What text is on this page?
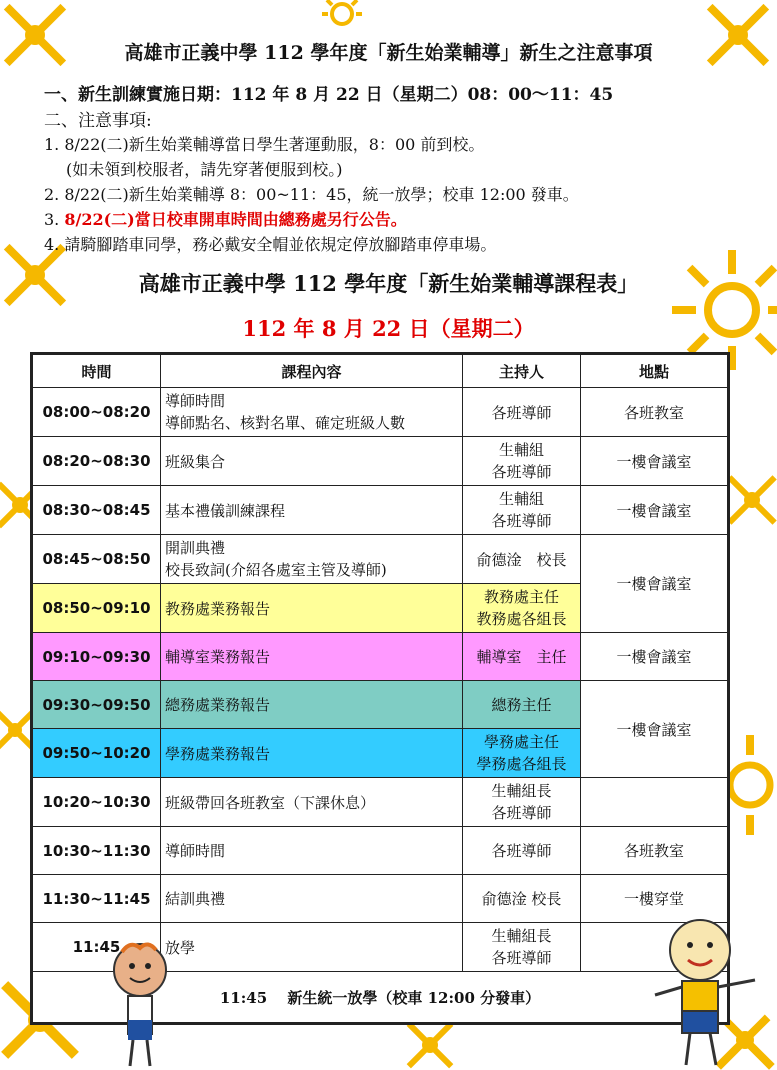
高雄市正義中學 112 學年度「新生始業輔導」新生之注意事項
一、新生訓練實施日期：112 年 8 月 22 日（星期二）08：00～11：45
二、注意事項:
1. 8/22(二)新生始業輔導當日學生著運動服，8：00 前到校。
(如未領到校服者，請先穿著便服到校。)
2. 8/22(二)新生始業輔導 8：00~11：45，統一放學；校車 12:00 發車。
3. 8/22(二)當日校車開車時間由總務處另行公告。
4. 請騎腳踏車同學，務必戴安全帽並依規定停放腳踏車停車場。
高雄市正義中學 112 學年度「新生始業輔導課程表」
112 年 8 月 22 日（星期二）
時間	課程內容	主持人	地點
08:00~08:20	導師時間
導師點名、核對名單、確定班級人數	各班導師	各班教室
08:20~08:30	班級集合	生輔組
各班導師	一樓會議室
08:30~08:45	基本禮儀訓練課程	生輔組
各班導師	一樓會議室
08:45~08:50	開訓典禮
校長致詞(介紹各處室主管及導師)	俞德淦　校長	一樓會議室
08:50~09:10	教務處業務報告	教務處主任
教務處各組長	

09:10~09:30	輔導室業務報告	輔導室　主任	一樓會議室
09:30~09:50	總務處業務報告	總務主任	一樓會議室
09:50~10:20	學務處業務報告	學務處主任
學務處各組長	

10:20~10:30	班級帶回各班教室（下課休息）	生輔組長
各班導師	

10:30~11:30	導師時間	各班導師	各班教室
11:30~11:45	結訓典禮	俞德淦 校長	一樓穿堂
11:45	放學	生輔組長
各班導師	

11:45　 新生統一放學（校車 12:00 分發車）			
